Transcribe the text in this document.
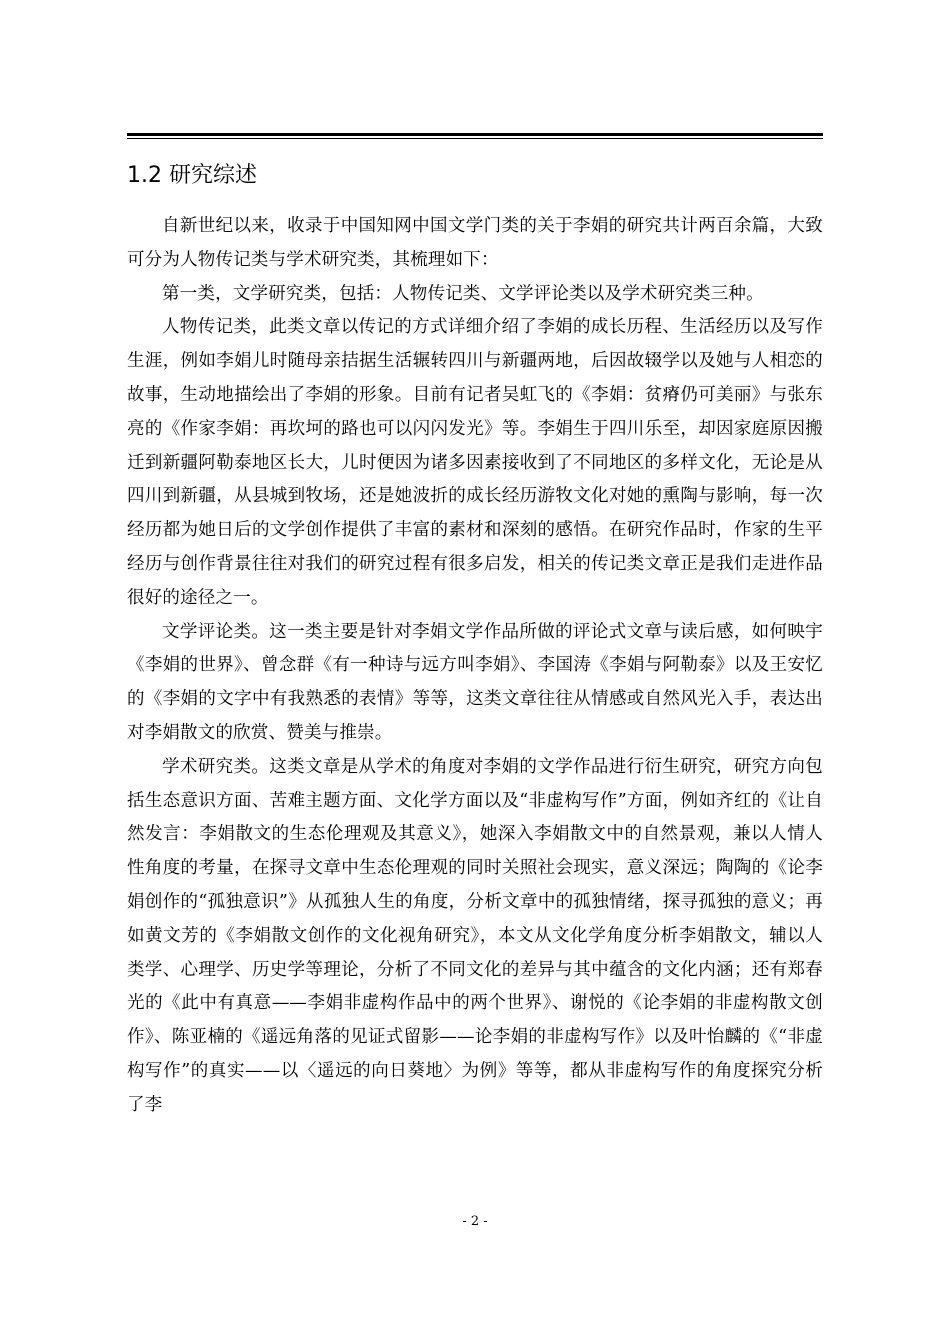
1.2 研究综述

自新世纪以来，收录于中国知网中国文学门类的关于李娟的研究共计两百余篇，大致可分为人物传记类与学术研究类，其梳理如下：

第一类，文学研究类，包括：人物传记类、文学评论类以及学术研究类三种。

人物传记类，此类文章以传记的方式详细介绍了李娟的成长历程、生活经历以及写作生涯，例如李娟儿时随母亲拮据生活辗转四川与新疆两地，后因故辍学以及她与人相恋的故事，生动地描绘出了李娟的形象。目前有记者吴虹飞的《李娟：贫瘠仍可美丽》与张东亮的《作家李娟：再坎坷的路也可以闪闪发光》等。李娟生于四川乐至，却因家庭原因搬迁到新疆阿勒泰地区长大，儿时便因为诸多因素接收到了不同地区的多样文化，无论是从四川到新疆，从县城到牧场，还是她波折的成长经历游牧文化对她的熏陶与影响，每一次经历都为她日后的文学创作提供了丰富的素材和深刻的感悟。在研究作品时，作家的生平经历与创作背景往往对我们的研究过程有很多启发，相关的传记类文章正是我们走进作品很好的途径之一。

文学评论类。这一类主要是针对李娟文学作品所做的评论式文章与读后感，如何映宇《李娟的世界》、曾念群《有一种诗与远方叫李娟》、李国涛《李娟与阿勒泰》以及王安忆的《李娟的文字中有我熟悉的表情》等等，这类文章往往从情感或自然风光入手，表达出对李娟散文的欣赏、赞美与推崇。

学术研究类。这类文章是从学术的角度对李娟的文学作品进行衍生研究，研究方向包括生态意识方面、苦难主题方面、文化学方面以及“非虚构写作”方面，例如齐红的《让自然发言：李娟散文的生态伦理观及其意义》，她深入李娟散文中的自然景观，兼以人情人性角度的考量，在探寻文章中生态伦理观的同时关照社会现实，意义深远；陶陶的《论李娟创作的“孤独意识”》从孤独人生的角度，分析文章中的孤独情绪，探寻孤独的意义；再如黄文芳的《李娟散文创作的文化视角研究》，本文从文化学角度分析李娟散文，辅以人类学、心理学、历史学等理论，分析了不同文化的差异与其中蕴含的文化内涵；还有郑春光的《此中有真意——李娟非虚构作品中的两个世界》、谢悦的《论李娟的非虚构散文创作》、陈亚楠的《遥远角落的见证式留影——论李娟的非虚构写作》以及叶怡麟的《“非虚构写作”的真实——以〈遥远的向日葵地〉为例》等等，都从非虚构写作的角度探究分析了李

- 2 -
